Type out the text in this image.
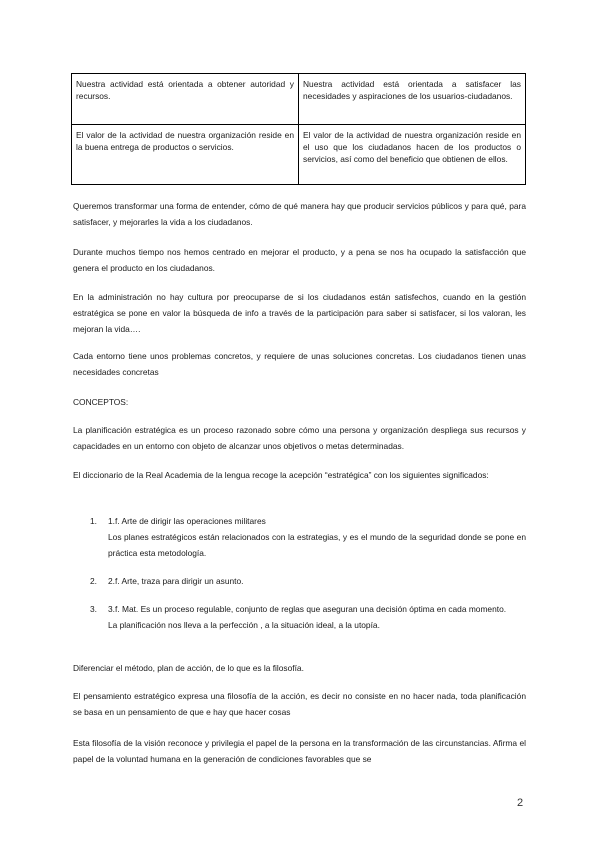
Nuestra actividad está orientada a obtener autoridad y recursos.	Nuestra actividad está orientada a satisfacer las necesidades y aspiraciones de los usuarios-ciudadanos.
El valor de la actividad de nuestra organización reside en la buena entrega de productos o servicios.	El valor de la actividad de nuestra organización reside en el uso que los ciudadanos hacen de los productos o servicios, así como del beneficio que obtienen de ellos.

Queremos transformar una forma de entender, cómo de qué manera hay que producir servicios públicos y para qué, para satisfacer, y mejorarles la vida a los ciudadanos.

Durante muchos tiempo nos hemos centrado en mejorar el producto, y a pena se nos ha ocupado la satisfacción que genera el producto en los ciudadanos.

En la administración no hay cultura por preocuparse de si los ciudadanos están satisfechos, cuando en la gestión estratégica se pone en valor la búsqueda de info a través de la participación para saber si satisfacer, si los valoran, les mejoran la vida….

Cada entorno tiene unos problemas concretos, y requiere de unas soluciones concretas. Los ciudadanos tienen unas necesidades concretas

CONCEPTOS:

La planificación estratégica es un proceso razonado sobre cómo una persona y organización despliega sus recursos y capacidades en un entorno con objeto de alcanzar unos objetivos o metas determinadas.

El diccionario de la Real Academia de la lengua recoge la acepción “estratégica” con los siguientes significados:

1.	1.f. Arte de dirigir las operaciones militares
Los planes estratégicos están relacionados con la estrategias, y es el mundo de la seguridad donde se pone en práctica esta metodología.
2.	2.f. Arte, traza para dirigir un asunto.
3.	3.f. Mat. Es un proceso regulable, conjunto de reglas que aseguran una decisión óptima en cada momento.
La planificación nos lleva a la perfección , a la situación ideal, a la utopía.

Diferenciar el método, plan de acción, de lo que es la filosofía.

El pensamiento estratégico expresa una filosofía de la acción, es decir no consiste en no hacer nada, toda planificación se basa en un pensamiento de que e hay que hacer cosas

Esta filosofía de la visión reconoce y privilegia el papel de la persona en la transformación de las circunstancias. Afirma el papel de la voluntad humana en la generación de condiciones favorables que se

2
